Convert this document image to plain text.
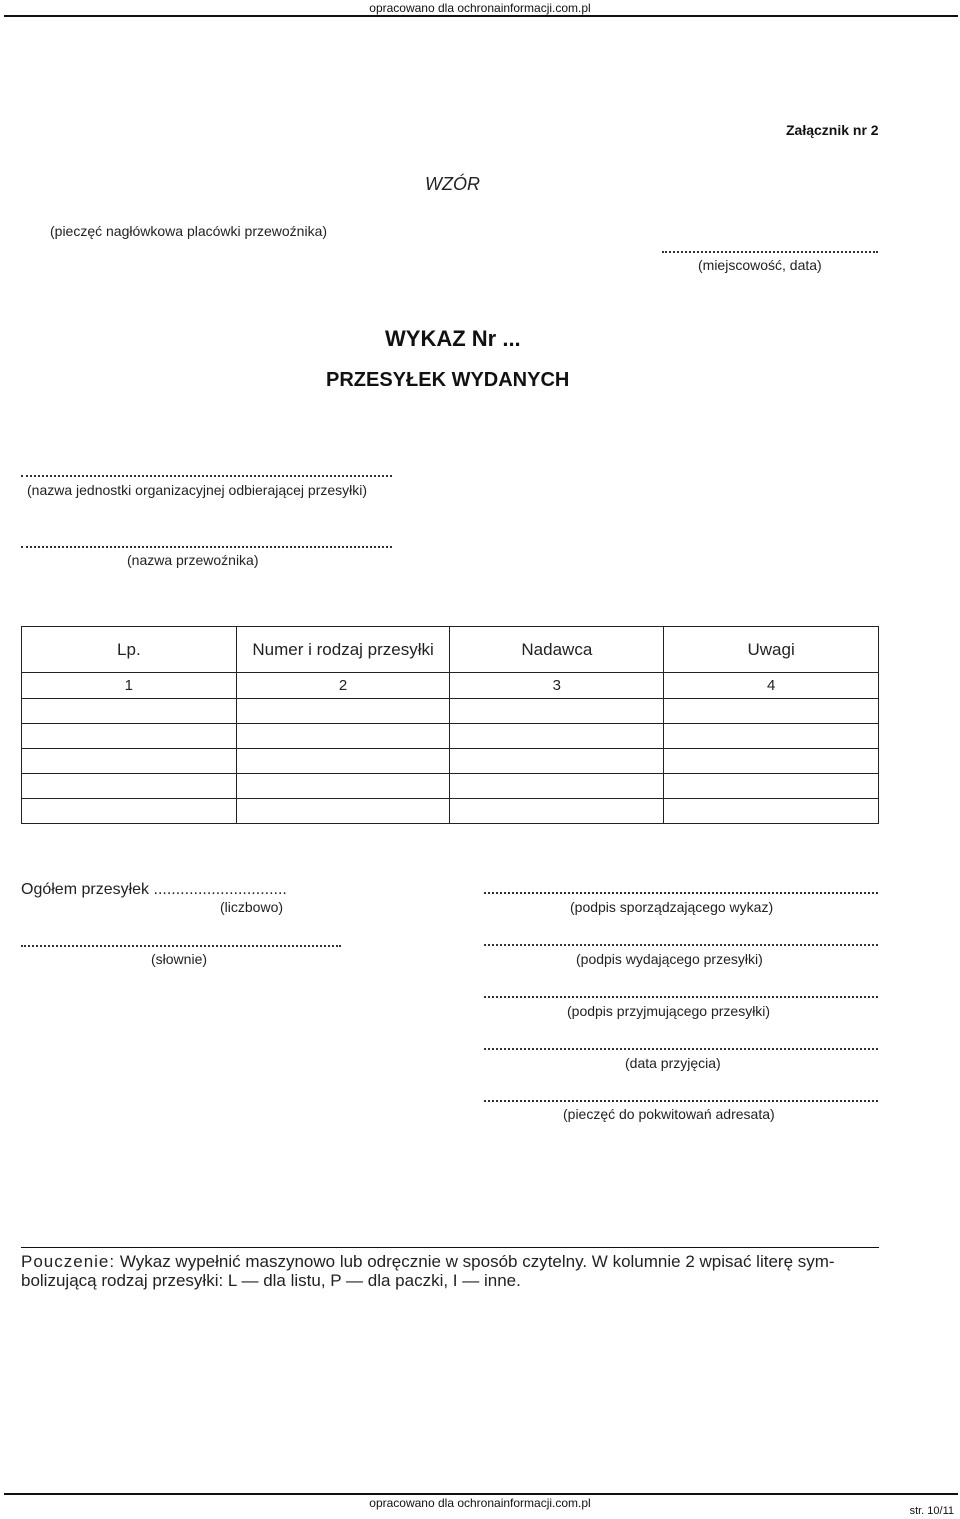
opracowano dla ochronainformacji.com.pl
Załącznik nr 2
WZÓR
(pieczęć nagłówkowa placówki przewoźnika)
(miejscowość, data)
WYKAZ Nr ...
PRZESYŁEK WYDANYCH
(nazwa jednostki organizacyjnej odbierającej przesyłki)
(nazwa przewoźnika)
Lp.	Numer i rodzaj przesyłki	Nadawca	Uwagi
1	2	3	4

Ogółem przesyłek ..............................
(liczbowo)
(słownie)
(podpis sporządzającego wykaz)
(podpis wydającego przesyłki)
(podpis przyjmującego przesyłki)
(data przyjęcia)
(pieczęć do pokwitowań adresata)
Pouczenie: Wykaz wypełnić maszynowo lub odręcznie w sposób czytelny. W kolumnie 2 wpisać literę sym-
bolizującą rodzaj przesyłki: L — dla listu, P — dla paczki, I — inne.
opracowano dla ochronainformacji.com.pl
str. 10/11
